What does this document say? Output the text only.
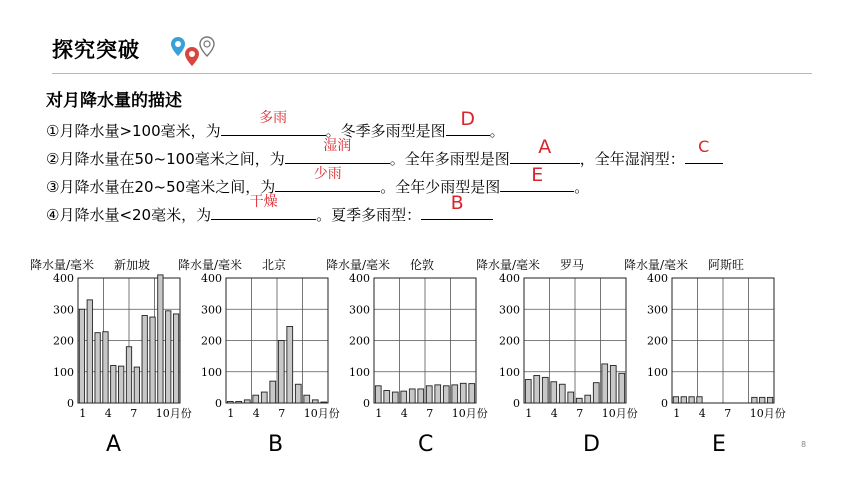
探究突破
对月降水量的描述
①月降水量>100毫米，为
多雨
。冬季多雨型是图
D
。
②月降水量在50~100毫米之间，为
湿润
。全年多雨型是图
A
，全年湿润型：
C
③月降水量在20~50毫米之间，为
少雨
。全年少雨型是图
E
。
④月降水量<20毫米，为
干燥
。夏季多雨型：
B
降水量/毫米 新加坡
0
100
200
300
400
1 4 7 10月份
降水量/毫米 北京
0
100
200
300
400
1 4 7 10月份
降水量/毫米 伦敦
0
100
200
300
400
1 4 7 10月份
降水量/毫米 罗马
0
100
200
300
400
1 4 7 10月份
降水量/毫米 阿斯旺
0
100
200
300
400
1 4 7 10月份
A	B	C	D	E	8
